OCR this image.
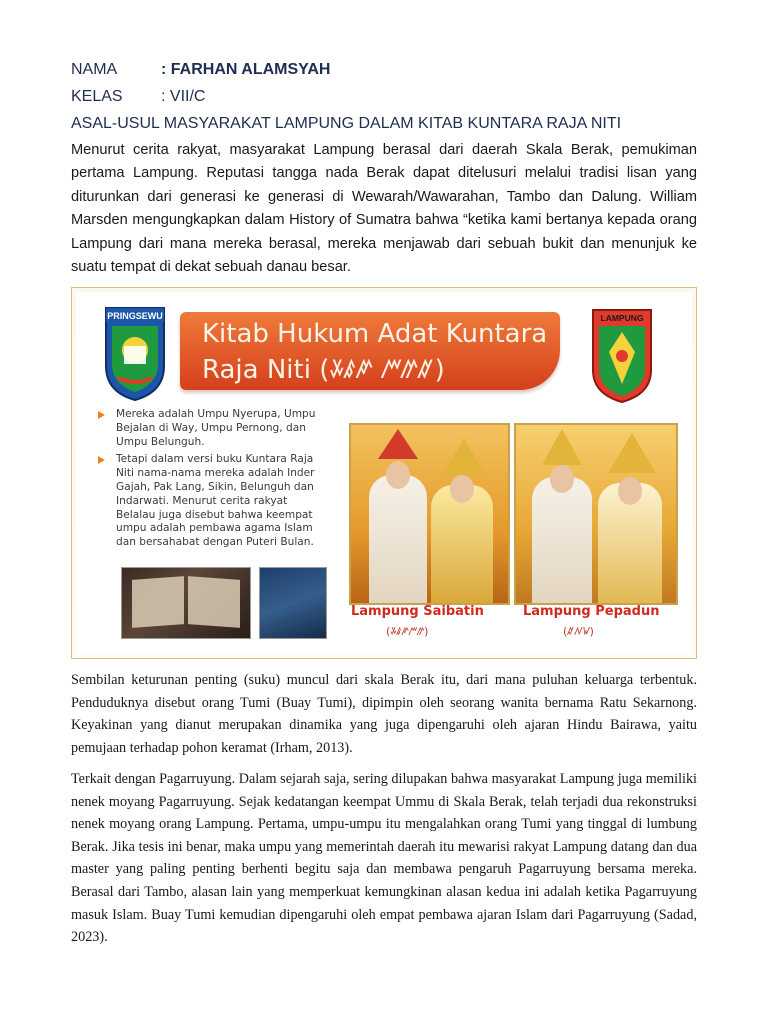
NAMA	: FARHAN ALAMSYAH
KELAS : VII/C
ASAL-USUL MASYARAKAT LAMPUNG DALAM KITAB KUNTARA RAJA NITI

Menurut cerita rakyat, masyarakat Lampung berasal dari daerah Skala Berak, pemukiman pertama Lampung. Reputasi tangga nada Berak dapat ditelusuri melalui tradisi lisan yang diturunkan dari generasi ke generasi di Wewarah/Wawarahan, Tambo dan Dalung. William Marsden mengungkapkan dalam History of Sumatra bahwa “ketika kami bertanya kepada orang Lampung dari mana mereka berasal, mereka menjawab dari sebuah bukit dan menunjuk ke suatu tempat di dekat sebuah danau besar.

PRINGSEWU
Kitab Hukum Adat Kuntara
Raja Niti (ꤸꤹꤺ ꤻꤼꤽ)
LAMPUNG
Mereka adalah Umpu Nyerupa, Umpu Bejalan di Way, Umpu Pernong, dan Umpu Belunguh.
Tetapi dalam versi buku Kuntara Raja Niti nama-nama mereka adalah Inder Gajah, Pak Lang, Sikin, Belunguh dan Indarwati. Menurut cerita rakyat Belalau juga disebut bahwa keempat umpu adalah pembawa agama Islam dan bersahabat dengan Puteri Bulan.
Lampung Saibatin	Lampung Pepadun
(ꤸꤹꤺꤻꤼ)	(ꤽꤾꤿ)

Sembilan keturunan penting (suku) muncul dari skala Berak itu, dari mana puluhan keluarga terbentuk. Penduduknya disebut orang Tumi (Buay Tumi), dipimpin oleh seorang wanita bernama Ratu Sekarnong. Keyakinan yang dianut merupakan dinamika yang juga dipengaruhi oleh ajaran Hindu Bairawa, yaitu pemujaan terhadap pohon keramat (Irham, 2013).

Terkait dengan Pagarruyung. Dalam sejarah saja, sering dilupakan bahwa masyarakat Lampung juga memiliki nenek moyang Pagarruyung. Sejak kedatangan keempat Ummu di Skala Berak, telah terjadi dua rekonstruksi nenek moyang orang Lampung. Pertama, umpu-umpu itu mengalahkan orang Tumi yang tinggal di lumbung Berak. Jika tesis ini benar, maka umpu yang memerintah daerah itu mewarisi rakyat Lampung datang dan dua master yang paling penting berhenti begitu saja dan membawa pengaruh Pagarruyung bersama mereka. Berasal dari Tambo, alasan lain yang memperkuat kemungkinan alasan kedua ini adalah ketika Pagarruyung masuk Islam. Buay Tumi kemudian dipengaruhi oleh empat pembawa ajaran Islam dari Pagarruyung (Sadad, 2023).
